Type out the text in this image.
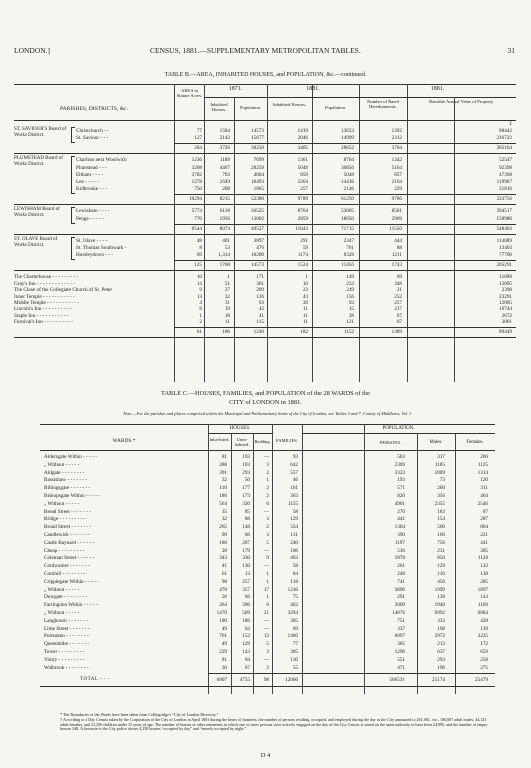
LONDON.]	CENSUS, 1881.—SUPPLEMENTARY METROPOLITAN TABLES.	31
TABLE B.—AREA, INHABITED HOUSES, and POPULATION, &c.—continued.
PARISHES, DISTRICTS, &c.
AREA in Statute Acres.
1871.	1881.	1881.
Inhabited Houses.	Population.
Inhabited Houses.
Population.
Number of Rated Hereditaments.
Rateable Annual Value of Property.
£
ST. SAVIOUR'S Board of Works District.
Christchurch - -	77	1584	14573	1419	13653	1392	88442
St. Saviour - - -	127	2142	15677	2046	14999	2312	216722
204	3726	30250	3465	28652	3704	305164
PLUMSTEAD Board of Works District.
Charlton next Woolwich	1236	1188	7699	1361	8764	1342	52547
Plumstead - - -	3268	4467	28259	5048	30856	5164	92398
Eltham - - - -	3782	703	4064	859	5048	857	47398
Lee - - - - -	1278	1649	10493	2264	14436	2164	119967
Kidbrooke - - -	750	208	1865	257	2146	229	21816
10294	8215	52380	9789	61250	9786	333756
LEWISHAM Board of Works District.
Lewisham - - - -	5774	6118	36525	8764	53065	8581	394517
Penge - - - - -	770	1956	13002	2859	18650	2969	158986
6544	8074	49527	11643	71715	11550	548403
ST. OLAVE Board of Works District.
St. Olave - - - -	48	401	3897	291	2347	444	114089
St. Thomas Southwark -	8	53	476	59	761	88	13403
Horsleydown - - -	69	1,314	10200	1174	8328	1211	77706
125	1768	14573	1524	11456	1743	205291
The Charterhouse - - - - - - - - -	10	1	171	1	149	69	11898
Gray's Inn - - - - - - - - - - - - -	14	51	361	10	223	348	12095
The Close of the Collegiate Church of St. Peter	9	27	209	23	249	21	2398
Inner Temple - - - - - - - - - - -	13	32	126	43	156	252	23291
Middle Temple - - - - - - - - - - -	4	31	93	30	93	257	12005
Lincoln's Inn - - - - - - - - - -	8	19	42	11	15	217	16744
Staple Inn - - - - - - - - - - -	1	18	41	11	38	67	2672
Furnival's Inn - - - - - - - - - -	2	11	115	11	121	67	3801
61	186	1246	182	1152	1389	89449
TABLE C.—HOUSES, FAMILIES, and POPULATION of the 28 WARDS of the
CITY of LONDON in 1881.
Note.—For the parishes and places comprised within the Municipal and Parliamentary limits of the City of London, see Tables 3 and 7, County of Middlesex, Vol. I.
WARDS.*
HOUSES.
FAMILIES.
POPULATION.
Inha-bited.	Unin-habited.
Building.	PERSONS.	Males.	Females.
Aldersgate Within - - - - -	81	193	—	93	583	317	266
„ Without - - - - -	288	103	3	642	2369	1185	1125
Aldgate - - - - - - - -	391	293	2	557	3323	1009	1314
Bassishaw - - - - - - -	32	50	1	46	193	73	120
Billingsgate - - - - - - -	110	177	2	161	571	260	311
Bishopsgate Within - - - - -	186	173	2	363	820	356	464
„ Without - - - - -	564	330	6	1155	4901	2355	2546
Bread Street - - - - - - -	35	85	—	58	270	183	87
Bridge - - - - - - - - -	32	88	3	129	441	154	287
Broad Street - - - - - - -	265	148	2	334	1304	500	804
Candlewick - - - - - - -	90	66	3	131	390	169	221
Castle Baynard - - - - - -	186	207	5	240	1197	756	441
Cheap - - - - - - - - -	28	179	—	106	536	231	305
Coleman Street - - - - - -	343	330	9	463	1878	850	1128
Cordwainer - - - - - - -	41	130	—	58	261	129	132
Cornhill - - - - - - - -	61	13	1	84	248	110	138
Cripplegate Within - - - - -	98	257	1	118	741	456	285
„ Without - - - - -	478	357	17	1236	3896	1999	1897
Dowgate - - - - - - - -	56	66	1	75	291	138	143
Farringdon Within - - - - -	264	396	6	462	2009	1940	1169
„ Without - - - - -	1470	569	21	3294	14876	6992	6884
Langbourn - - - - - - -	180	186	—	305	751	333	428
Lime Street - - - - - - -	49	62	—	69	337	198	139
Portsoken - - - - - - - -	761	152	13	1460	6097	2972	3225
Queenhithe - - - - - - -	49	129	5	77	385	213	172
Tower - - - - - - - - -	229	143	3	305	1296	637	659
Vintry - - - - - - - - -	81	94	—	130	551	293	258
Walbrook - - - - - - - -	30	67	2	55	471	196	275
TOTAL - - -	6807	4755	98	12066	50653†	25174	25479
* The Boundaries of the Wards have been taken from Collingridge's “City of London Directory.”
† According to a Day Census taken by the Corporation of the City of London in April 1881 during the hours of business, the number of persons residing, occupied, and employed during the day in the City amounted to 261,061, viz., 186,007 adult males, 44,125 adult females, and 21,256 children under 15 years of age. The number of houses or other tenements in which one or more persons were actively engaged on the day of the City Census is stated on the same authority to have been 24,895, and the number of empty houses 348. A footnote to the City police shows 4,258 houses “occupied by day” and “merely occupied by night.”
D 4
